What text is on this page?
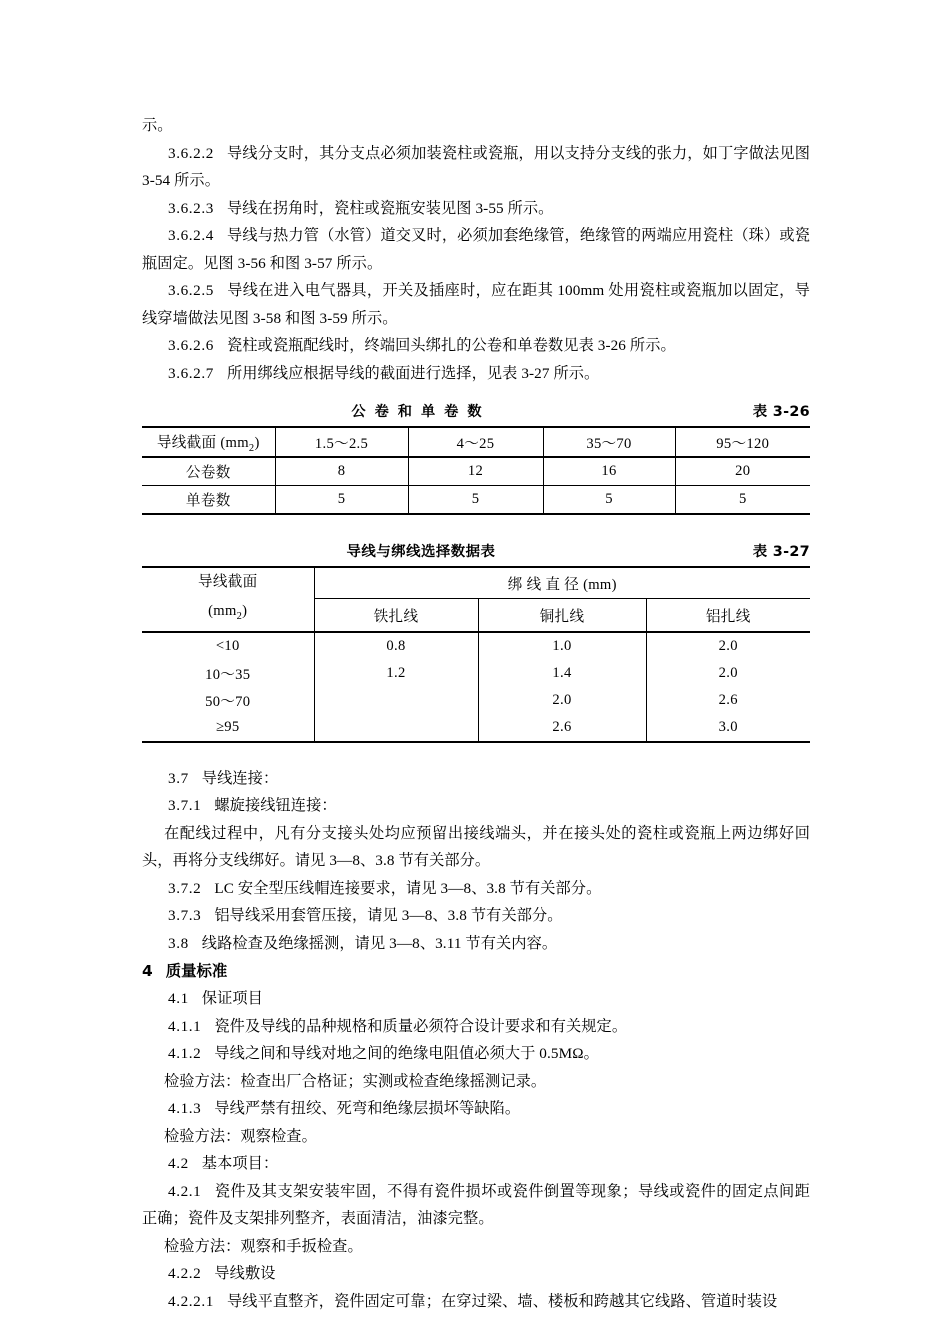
示。

3.6.2.2 导线分支时，其分支点必须加装瓷柱或瓷瓶，用以支持分支线的张力，如丁字做法见图 3-54 所示。

3.6.2.3 导线在拐角时，瓷柱或瓷瓶安装见图 3-55 所示。

3.6.2.4 导线与热力管（水管）道交叉时，必须加套绝缘管，绝缘管的两端应用瓷柱（珠）或瓷瓶固定。见图 3-56 和图 3-57 所示。

3.6.2.5 导线在进入电气器具，开关及插座时，应在距其 100mm 处用瓷柱或瓷瓶加以固定，导线穿墙做法见图 3-58 和图 3-59 所示。

3.6.2.6 瓷柱或瓷瓶配线时，终端回头绑扎的公卷和单卷数见表 3-26 所示。

3.6.2.7 所用绑线应根据导线的截面进行选择，见表 3-27 所示。

公卷和单卷数	表 3-26
导线截面 $(mm_2)$	1.5～2.5	4～25	35～70	95～120
公卷数	8	12	16	20
单卷数	5	5	5	5
导线与绑线选择数据表	表 3-27
导线截面
$(mm_2)$	绑 线 直 径 (mm)		
	铁扎线	铜扎线	铝扎线
<10	0.8	1.0	2.0
10～35	1.2	1.4	2.0
50～70		2.0	2.6
≥95		2.6	3.0

3.7 导线连接：

3.7.1 螺旋接线钮连接：

在配线过程中，凡有分支接头处均应预留出接线端头，并在接头处的瓷柱或瓷瓶上两边绑好回头，再将分支线绑好。请见 3—8、3.8 节有关部分。

3.7.2 LC 安全型压线帽连接要求，请见 3—8、3.8 节有关部分。

3.7.3 铝导线采用套管压接，请见 3—8、3.8 节有关部分。

3.8 线路检查及绝缘摇测，请见 3—8、3.11 节有关内容。

4 质量标准

4.1 保证项目

4.1.1 瓷件及导线的品种规格和质量必须符合设计要求和有关规定。

4.1.2 导线之间和导线对地之间的绝缘电阻值必须大于 0.5MΩ。

检验方法：检查出厂合格证；实测或检查绝缘摇测记录。

4.1.3 导线严禁有扭绞、死弯和绝缘层损坏等缺陷。

检验方法：观察检查。

4.2 基本项目：

4.2.1 瓷件及其支架安装牢固，不得有瓷件损坏或瓷件倒置等现象；导线或瓷件的固定点间距正确；瓷件及支架排列整齐，表面清洁，油漆完整。

检验方法：观察和手扳检查。

4.2.2 导线敷设

4.2.2.1 导线平直整齐，瓷件固定可靠；在穿过梁、墙、楼板和跨越其它线路、管道时装设
